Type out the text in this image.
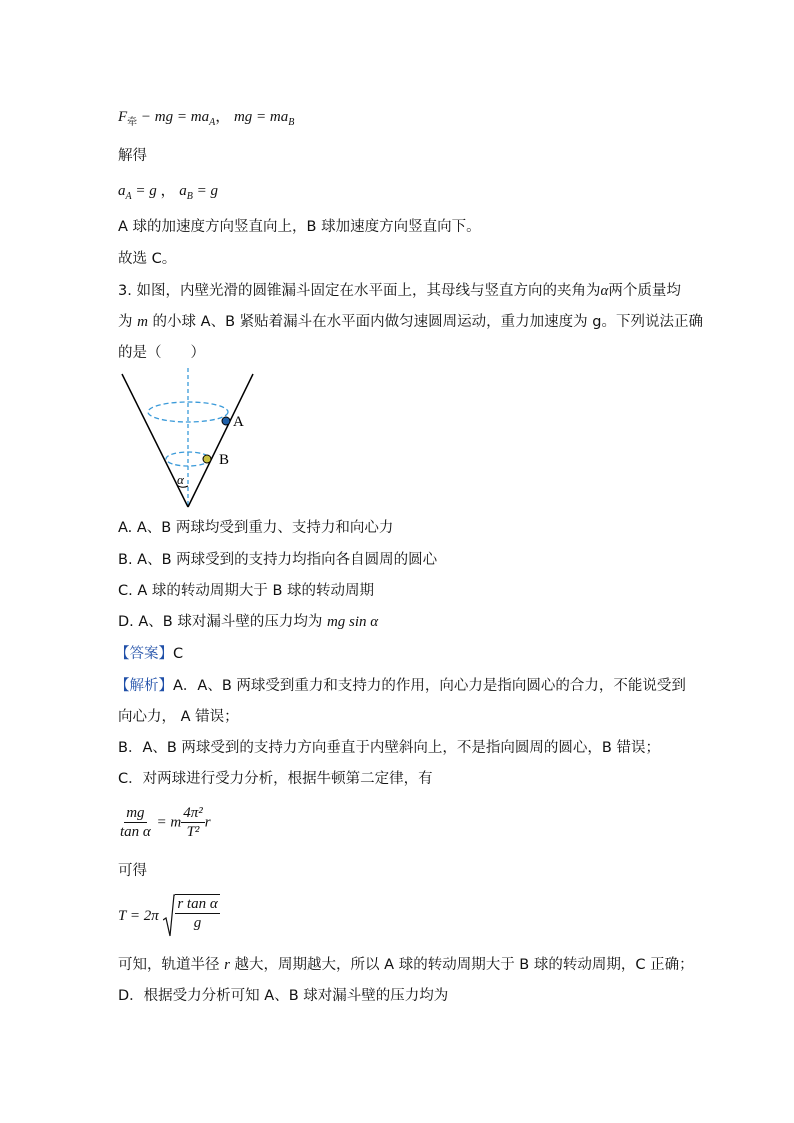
$F_牵$ − mg = $ma_A$， mg = $ma_B$
解得
$a_A = g$ ， $a_B = g$
A 球的加速度方向竖直向上，B 球加速度方向竖直向下。
故选 C。
3. 如图，内壁光滑的圆锥漏斗固定在水平面上，其母线与竖直方向的夹角为α两个质量均
为 m 的小球 A、B 紧贴着漏斗在水平面内做匀速圆周运动，重力加速度为 g。下列说法正确
的是（　　）
α
A
B
A. A、B 两球均受到重力、支持力和向心力
B. A、B 两球受到的支持力均指向各自圆周的圆心
C. A 球的转动周期大于 B 球的转动周期
D. A、B 球对漏斗壁的压力均为 mg sin α
【答案】C
【解析】A．A、B 两球受到重力和支持力的作用，向心力是指向圆心的合力，不能说受到
向心力， A 错误；
B．A、B 两球受到的支持力方向垂直于内壁斜向上，不是指向圆周的圆心，B 错误；
C．对两球进行受力分析，根据牛顿第二定律，有
$\frac{mg}{\text{tan α}} = m \frac{\text{4π²}}{\text{T²}}$ r
可得
$T = 2\pi \frac{\text{r tan α}}{g}$
可知，轨道半径 r 越大，周期越大，所以 A 球的转动周期大于 B 球的转动周期，C 正确；
D．根据受力分析可知 A、B 球对漏斗壁的压力均为
